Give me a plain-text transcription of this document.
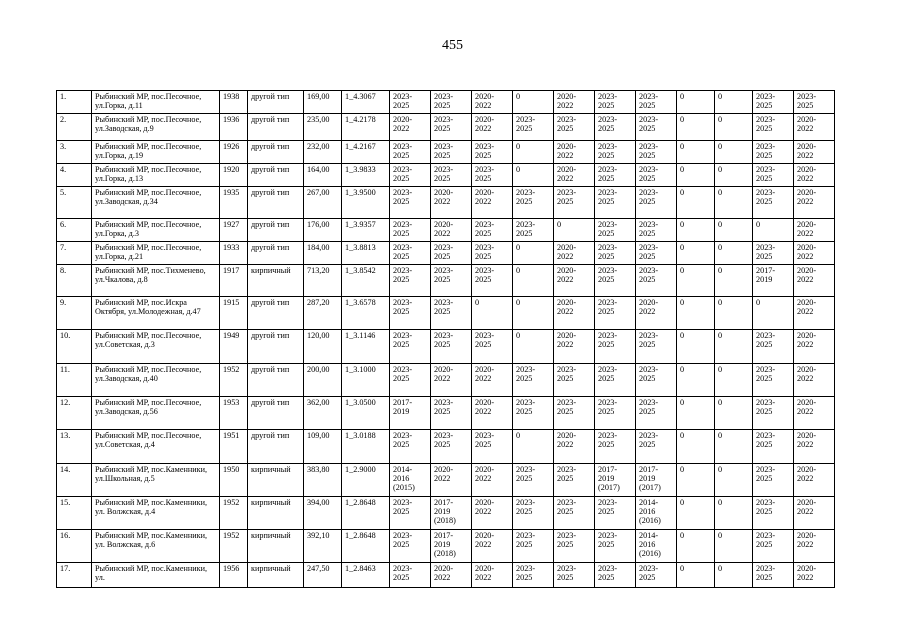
455
1.	Рыбинский МР, пос.Песочное, ул.Горка, д.11	1938	другой тип	169,00	1_4.3067	2023-
2025	2023-
2025	2020-
2022	0	2020-
2022	2023-
2025	2023-
2025	0	0	2023-
2025	2023-
2025
2.	Рыбинский МР, пос.Песочное, ул.Заводская, д.9	1936	другой тип	235,00	1_4.2178	2020-
2022	2023-
2025	2020-
2022	2023-
2025	2023-
2025	2023-
2025	2023-
2025	0	0	2023-
2025	2020-
2022
3.	Рыбинский МР, пос.Песочное, ул.Горка, д.19	1926	другой тип	232,00	1_4.2167	2023-
2025	2023-
2025	2023-
2025	0	2020-
2022	2023-
2025	2023-
2025	0	0	2023-
2025	2020-
2022
4.	Рыбинский МР, пос.Песочное, ул.Горка, д.13	1920	другой тип	164,00	1_3.9833	2023-
2025	2023-
2025	2023-
2025	0	2020-
2022	2023-
2025	2023-
2025	0	0	2023-
2025	2020-
2022
5.	Рыбинский МР, пос.Песочное, ул.Заводская, д.34	1935	другой тип	267,00	1_3.9500	2023-
2025	2020-
2022	2020-
2022	2023-
2025	2023-
2025	2023-
2025	2023-
2025	0	0	2023-
2025	2020-
2022
6.	Рыбинский МР, пос.Песочное, ул.Горка, д.3	1927	другой тип	176,00	1_3.9357	2023-
2025	2020-
2022	2023-
2025	2023-
2025	0	2023-
2025	2023-
2025	0	0	0	2020-
2022
7.	Рыбинский МР, пос.Песочное, ул.Горка, д.21	1933	другой тип	184,00	1_3.8813	2023-
2025	2023-
2025	2023-
2025	0	2020-
2022	2023-
2025	2023-
2025	0	0	2023-
2025	2020-
2022
8.	Рыбинский МР, пос.Тихменево, ул.Чкалова, д.8	1917	кирпичный	713,20	1_3.8542	2023-
2025	2023-
2025	2023-
2025	0	2020-
2022	2023-
2025	2023-
2025	0	0	2017-
2019	2020-
2022
9.	Рыбинский МР, пос.Искра Октября, ул.Молодежная, д.47	1915	другой тип	287,20	1_3.6578	2023-
2025	2023-
2025	0	0	2020-
2022	2023-
2025	2020-
2022	0	0	0	2020-
2022
10.	Рыбинский МР, пос.Песочное, ул.Советская, д.3	1949	другой тип	120,00	1_3.1146	2023-
2025	2023-
2025	2023-
2025	0	2020-
2022	2023-
2025	2023-
2025	0	0	2023-
2025	2020-
2022
11.	Рыбинский МР, пос.Песочное, ул.Заводская, д.40	1952	другой тип	200,00	1_3.1000	2023-
2025	2020-
2022	2020-
2022	2023-
2025	2023-
2025	2023-
2025	2023-
2025	0	0	2023-
2025	2020-
2022
12.	Рыбинский МР, пос.Песочное, ул.Заводская, д.56	1953	другой тип	362,00	1_3.0500	2017-
2019	2023-
2025	2020-
2022	2023-
2025	2023-
2025	2023-
2025	2023-
2025	0	0	2023-
2025	2020-
2022
13.	Рыбинский МР, пос.Песочное, ул.Советская, д.4	1951	другой тип	109,00	1_3.0188	2023-
2025	2023-
2025	2023-
2025	0	2020-
2022	2023-
2025	2023-
2025	0	0	2023-
2025	2020-
2022
14.	Рыбинский МР, пос.Каменники, ул.Школьная, д.5	1950	кирпичный	383,80	1_2.9000	2014-
2016
(2015)	2020-
2022	2020-
2022	2023-
2025	2023-
2025	2017-
2019
(2017)	2017-
2019
(2017)	0	0	2023-
2025	2020-
2022
15.	Рыбинский МР, пос.Каменники, ул. Волжская, д.4	1952	кирпичный	394,00	1_2.8648	2023-
2025	2017-
2019
(2018)	2020-
2022	2023-
2025	2023-
2025	2023-
2025	2014-
2016
(2016)	0	0	2023-
2025	2020-
2022
16.	Рыбинский МР, пос.Каменники, ул. Волжская, д.6	1952	кирпичный	392,10	1_2.8648	2023-
2025	2017-
2019
(2018)	2020-
2022	2023-
2025	2023-
2025	2023-
2025	2014-
2016
(2016)	0	0	2023-
2025	2020-
2022
17.	Рыбинский МР, пос.Каменники, ул.	1956	кирпичный	247,50	1_2.8463	2023-
2025	2020-
2022	2020-
2022	2023-
2025	2023-
2025	2023-
2025	2023-
2025	0	0	2023-
2025	2020-
2022
